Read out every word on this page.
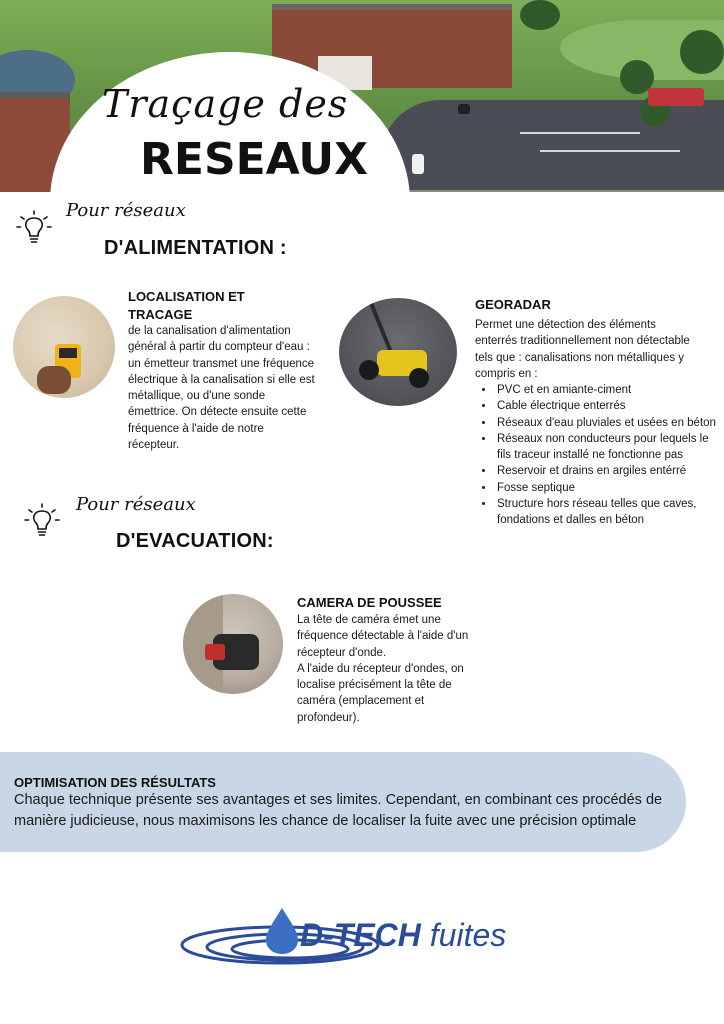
Traçage des
RESEAUX
Pour réseaux
D'ALIMENTATION :
LOCALISATION ET
TRACAGE
de la canalisation d'alimentation
général à partir du compteur d'eau :
un émetteur transmet une fréquence
électrique à la canalisation si elle est
métallique, ou d'une sonde
émettrice. On détecte ensuite cette
fréquence à l'aide de notre
récepteur.
GEORADAR
Permet une détection des éléments
enterrés traditionnellement non détectable
tels que : canalisations non métalliques y
compris en :
• PVC et en amiante-ciment
• Cable électrique enterrés
• Réseaux d'eau pluviales et usées en béton
• Réseaux non conducteurs pour lequels le fils traceur installé ne fonctionne pas
• Reservoir et drains en argiles entérré
• Fosse septique
• Structure hors réseau telles que caves, fondations et dalles en béton
Pour réseaux
D'EVACUATION:
CAMERA DE POUSSEE
La tête de caméra émet une
fréquence détectable à l'aide d'un
récepteur d'onde.
A l'aide du récepteur d'ondes, on
localise précisément la tête de
caméra (emplacement et
profondeur).
OPTIMISATION DES RÉSULTATS
Chaque technique présente ses avantages et ses limites. Cependant, en combinant ces procédés de manière judicieuse, nous maximisons les chance de localiser la fuite avec une précision optimale
D-TECH fuites
